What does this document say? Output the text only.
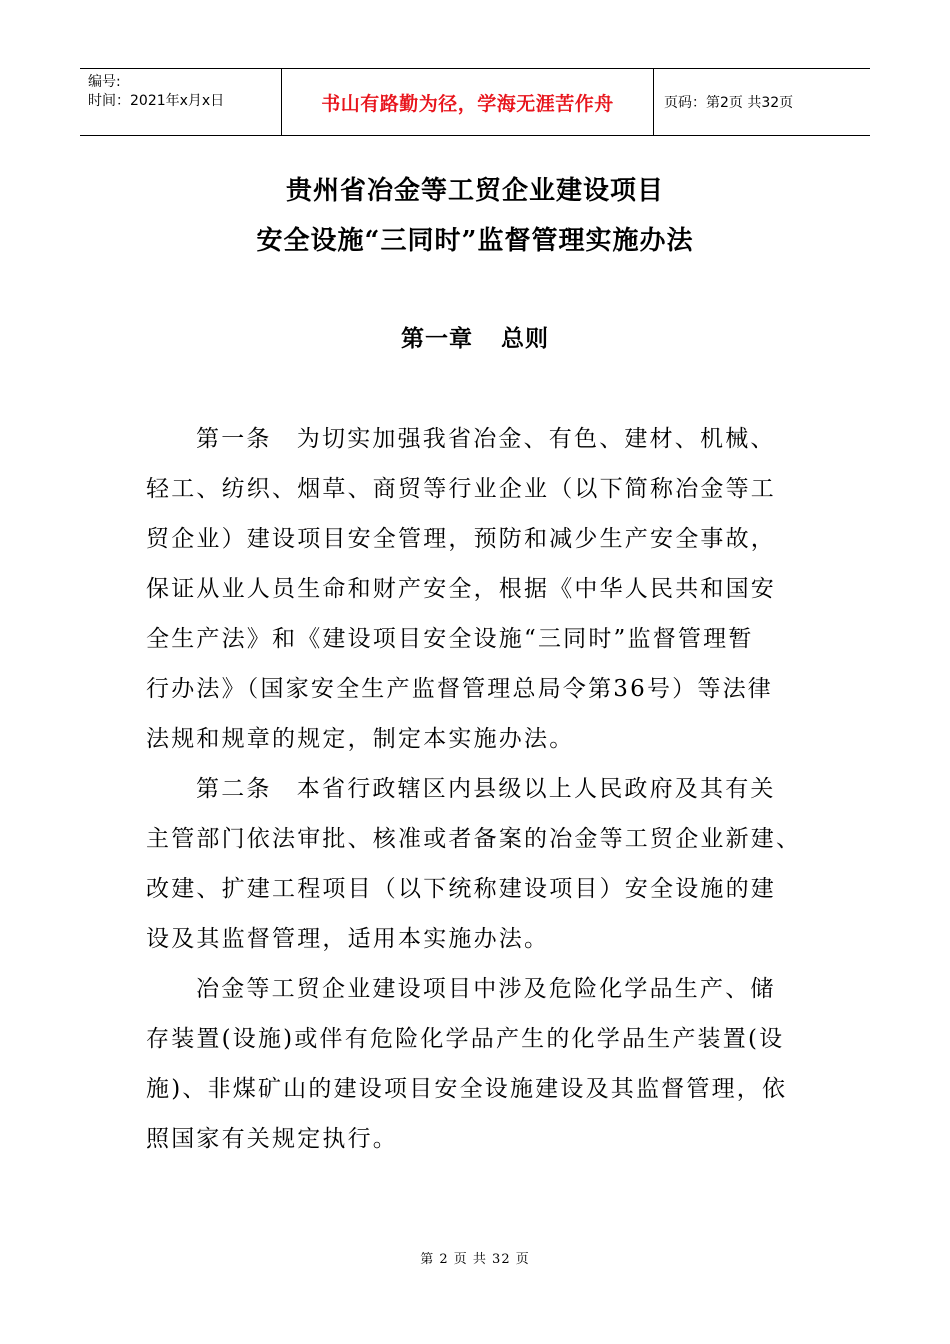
编号:
时间：2021年x月x日	书山有路勤为径，学海无涯苦作舟	页码：第2页 共32页
贵州省冶金等工贸企业建设项目
安全设施“三同时”监督管理实施办法
第一章 总则
第一条　为切实加强我省冶金、有色、建材、机械、
轻工、纺织、烟草、商贸等行业企业（以下简称冶金等工
贸企业）建设项目安全管理，预防和减少生产安全事故，
保证从业人员生命和财产安全，根据《中华人民共和国安
全生产法》和《建设项目安全设施“三同时”监督管理暂
行办法》（国家安全生产监督管理总局令第36号）等法律
法规和规章的规定，制定本实施办法。
第二条　本省行政辖区内县级以上人民政府及其有关
主管部门依法审批、核准或者备案的冶金等工贸企业新建、
改建、扩建工程项目（以下统称建设项目）安全设施的建
设及其监督管理，适用本实施办法。
冶金等工贸企业建设项目中涉及危险化学品生产、储
存装置(设施)或伴有危险化学品产生的化学品生产装置(设
施)、非煤矿山的建设项目安全设施建设及其监督管理，依
照国家有关规定执行。
第 2 页 共 32 页
